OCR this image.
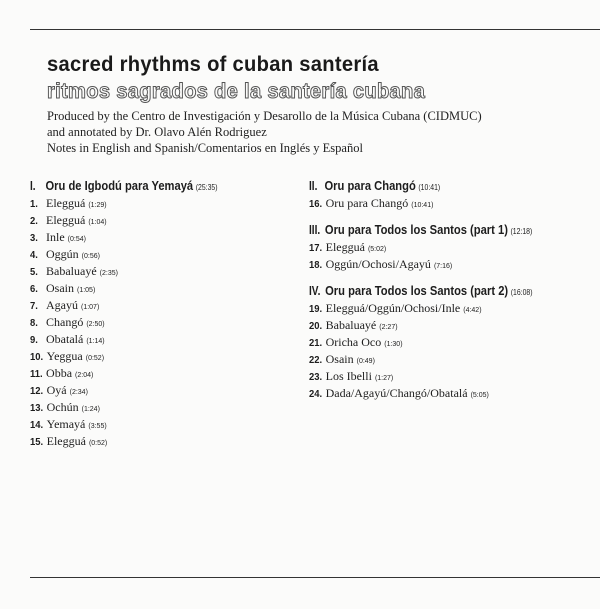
sacred rhythms of cuban santería
ritmos sagrados de la santería cubana
Produced by the Centro de Investigación y Desarollo de la Música Cubana (CIDMUC)
and annotated by Dr. Olavo Alén Rodriguez
Notes in English and Spanish/Comentarios en Inglés y Español
I. Oru de Igbodú para Yemayá (25:35)
1. Elegguá (1:29)
2. Elegguá (1:04)
3. Inle (0:54)
4. Oggún (0:56)
5. Babaluayé (2:35)
6. Osain (1:05)
7. Agayú (1:07)
8. Changó (2:50)
9. Obatalá (1:14)
10. Yeggua (0:52)
11. Obba (2:04)
12. Oyá (2:34)
13. Ochún (1:24)
14. Yemayá (3:55)
15. Elegguá (0:52)
II. Oru para Changó (10:41)
16. Oru para Changó (10:41)
III. Oru para Todos los Santos (part 1) (12:18)
17. Elegguá (5:02)
18. Oggún/Ochosi/Agayú (7:16)
IV. Oru para Todos los Santos (part 2) (16:08)
19. Elegguá/Oggún/Ochosi/Inle (4:42)
20. Babaluayé (2:27)
21. Oricha Oco (1:30)
22. Osain (0:49)
23. Los Ibelli (1:27)
24. Dada/Agayú/Changó/Obatalá (5:05)
